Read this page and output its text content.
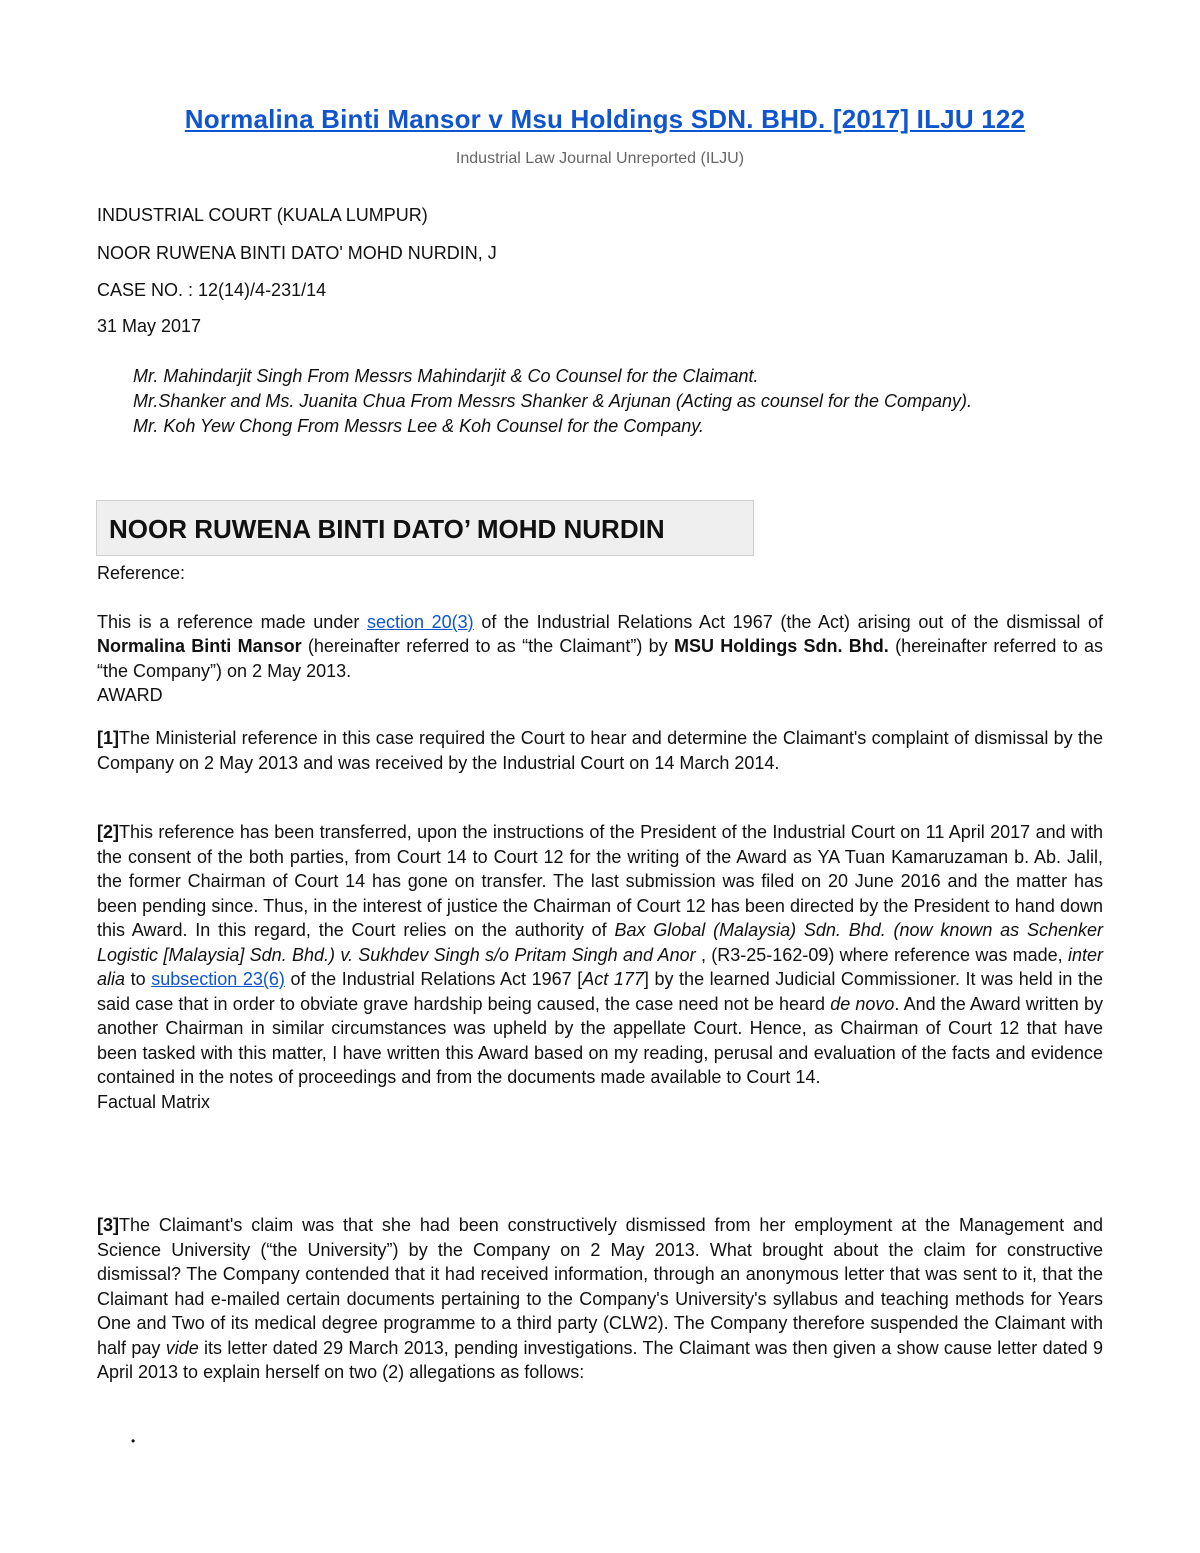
Normalina Binti Mansor v Msu Holdings SDN. BHD. [2017] ILJU 122
Industrial Law Journal Unreported (ILJU)
INDUSTRIAL COURT (KUALA LUMPUR)
NOOR RUWENA BINTI DATO' MOHD NURDIN, J
CASE NO. : 12(14)/4-231/14
31 May 2017
Mr. Mahindarjit Singh From Messrs Mahindarjit & Co Counsel for the Claimant.
Mr.Shanker and Ms. Juanita Chua From Messrs Shanker & Arjunan (Acting as counsel for the Company).
Mr. Koh Yew Chong From Messrs Lee & Koh Counsel for the Company.
NOOR RUWENA BINTI DATO’ MOHD NURDIN

Reference:

This is a reference made under section 20(3) of the Industrial Relations Act 1967 (the Act) arising out of the dismissal of Normalina Binti Mansor (hereinafter referred to as “the Claimant”) by MSU Holdings Sdn. Bhd. (hereinafter referred to as “the Company”) on 2 May 2013.

AWARD

[1]The Ministerial reference in this case required the Court to hear and determine the Claimant's complaint of dismissal by the Company on 2 May 2013 and was received by the Industrial Court on 14 March 2014.

[2]This reference has been transferred, upon the instructions of the President of the Industrial Court on 11 April 2017 and with the consent of the both parties, from Court 14 to Court 12 for the writing of the Award as YA Tuan Kamaruzaman b. Ab. Jalil, the former Chairman of Court 14 has gone on transfer. The last submission was filed on 20 June 2016 and the matter has been pending since. Thus, in the interest of justice the Chairman of Court 12 has been directed by the President to hand down this Award. In this regard, the Court relies on the authority of Bax Global (Malaysia) Sdn. Bhd. (now known as Schenker Logistic [Malaysia] Sdn. Bhd.) v. Sukhdev Singh s/o Pritam Singh and Anor , (R3-25-162-09) where reference was made, inter alia to subsection 23(6) of the Industrial Relations Act 1967 [Act 177] by the learned Judicial Commissioner. It was held in the said case that in order to obviate grave hardship being caused, the case need not be heard de novo. And the Award written by another Chairman in similar circumstances was upheld by the appellate Court. Hence, as Chairman of Court 12 that have been tasked with this matter, I have written this Award based on my reading, perusal and evaluation of the facts and evidence contained in the notes of proceedings and from the documents made available to Court 14.

Factual Matrix

[3]The Claimant's claim was that she had been constructively dismissed from her employment at the Management and Science University (“the University”) by the Company on 2 May 2013. What brought about the claim for constructive dismissal? The Company contended that it had received information, through an anonymous letter that was sent to it, that the Claimant had e-mailed certain documents pertaining to the Company's University's syllabus and teaching methods for Years One and Two of its medical degree programme to a third party (CLW2). The Company therefore suspended the Claimant with half pay vide its letter dated 29 March 2013, pending investigations. The Claimant was then given a show cause letter dated 9 April 2013 to explain herself on two (2) allegations as follows:

•
